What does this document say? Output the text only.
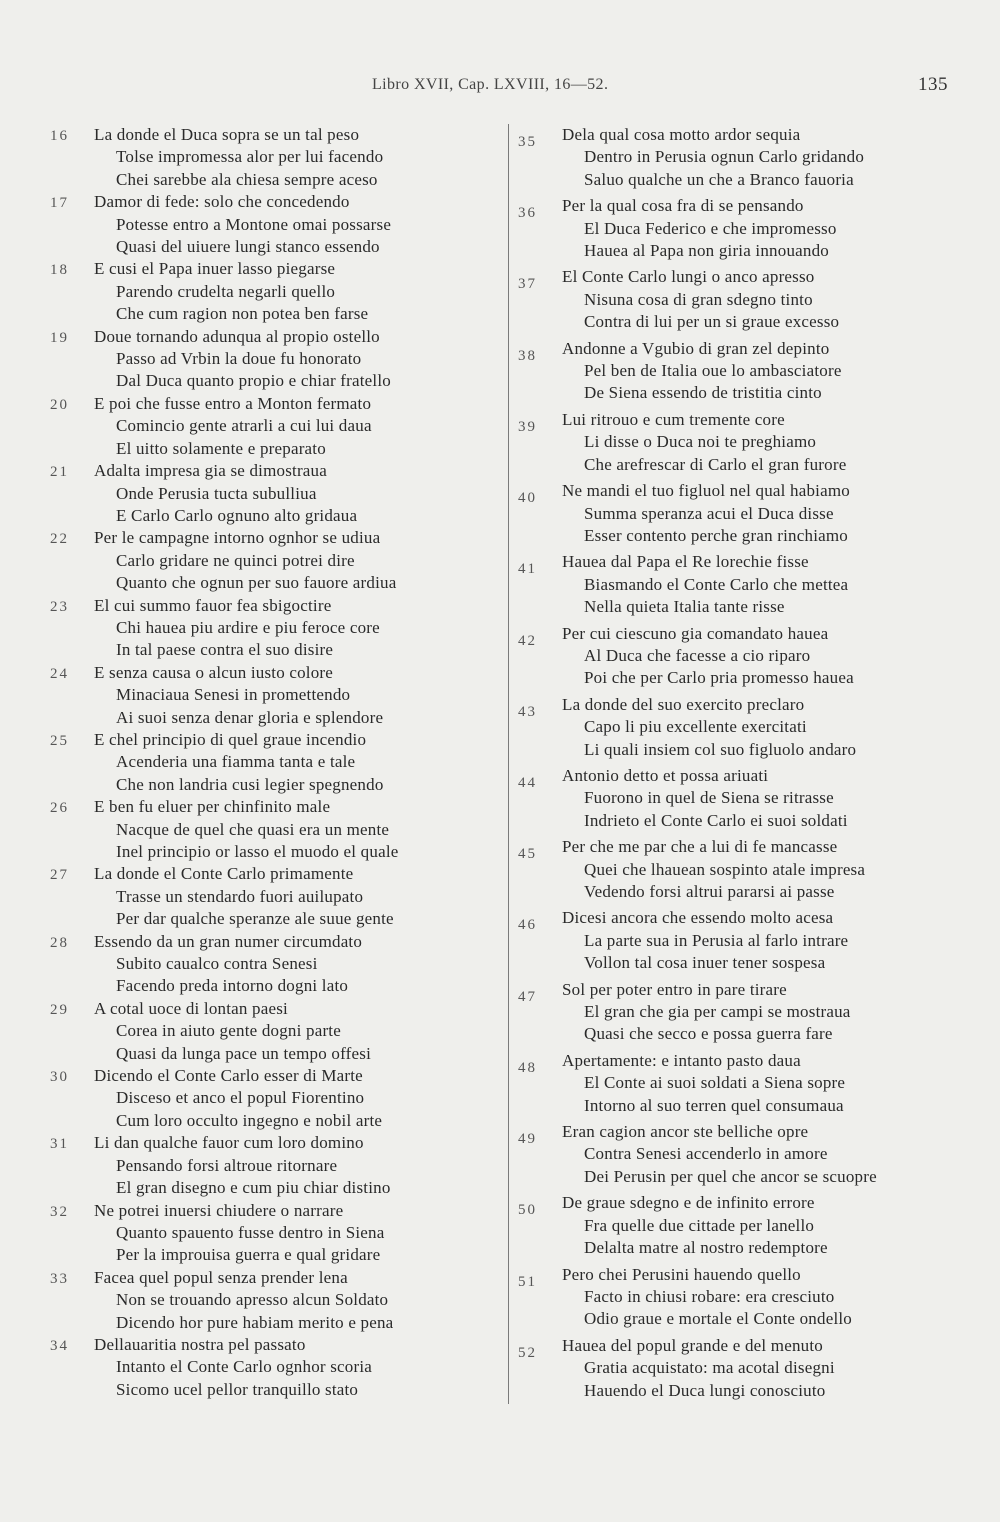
Libro XVII, Cap. LXVIII, 16—52.	135
16	La donde el Duca sopra se un tal peso
Tolse impromessa alor per lui facendo
Chei sarebbe ala chiesa sempre aceso
17	Damor di fede: solo che concedendo
Potesse entro a Montone omai possarse
Quasi del uiuere lungi stanco essendo
18	E cusi el Papa inuer lasso piegarse
Parendo crudelta negarli quello
Che cum ragion non potea ben farse
19	Doue tornando adunqua al propio ostello
Passo ad Vrbin la doue fu honorato
Dal Duca quanto propio e chiar fratello
20	E poi che fusse entro a Monton fermato
Comincio gente atrarli a cui lui daua
El uitto solamente e preparato
21	Adalta impresa gia se dimostraua
Onde Perusia tucta subulliua
E Carlo Carlo ognuno alto gridaua
22	Per le campagne intorno ognhor se udiua
Carlo gridare ne quinci potrei dire
Quanto che ognun per suo fauore ardiua
23	El cui summo fauor fea sbigoctire
Chi haueа piu ardire e piu feroce core
In tal paese contra el suo disire
24	E senza causa o alcun iusto colore
Minaciaua Senesi in promettendo
Ai suoi senza denar gloria e splendore
25	E chel principio di quel graue incendio
Acenderia una fiamma tanta e tale
Che non landria cusi legier spegnendo
26	E ben fu eluer per chinfinito male
Nacque de quel che quasi era un mente
Inel principio or lasso el muodo el quale
27	La donde el Conte Carlo primamente
Trasse un stendardo fuori auilupato
Per dar qualche speranze ale suue gente
28	Essendo da un gran numer circumdato
Subito caualco contra Senesi
Facendo preda intorno dogni lato
29	A cotal uoce di lontan paesi
Corea in aiuto gente dogni parte
Quasi da lunga pace un tempo offesi
30	Dicendo el Conte Carlo esser di Marte
Disceso et anco el popul Fiorentino
Cum loro occulto ingegno e nobil arte
31	Li dan qualche fauor cum loro domino
Pensando forsi altroue ritornare
El gran disegno e cum piu chiar distino
32	Ne potrei inuersi chiudere o narrare
Quanto spauento fusse dentro in Siena
Per la improuisa guerra e qual gridare
33	Facea quel popul senza prender lena
Non se trouando apresso alcun Soldato
Dicendo hor pure habiam merito e pena
34	Dellauaritia nostra pel passato
Intanto el Conte Carlo ognhor scoria
Sicomo ucel pellor tranquillo stato
35	Dela qual cosa motto ardor sequia
Dentro in Perusia ognun Carlo gridando
Saluo qualche un che a Branco fauoria
36	Per la qual cosa fra di se pensando
El Duca Federico e che impromesso
Hauea al Papa non giria innouando
37	El Conte Carlo lungi o anco apresso
Nisuna cosa di gran sdegno tinto
Contra di lui per un si graue excesso
38	Andonne a Vgubio di gran zel depinto
Pel ben de Italia oue lo ambasciatore
De Siena essendo de tristitia cinto
39	Lui ritrouo e cum tremente core
Li disse o Duca noi te preghiamo
Che arefrescar di Carlo el gran furore
40	Ne mandi el tuo figluol nel qual habiamo
Summa speranza acui el Duca disse
Esser contento perche gran rinchiamo
41	Hauea dal Papa el Re lorechie fisse
Biasmando el Conte Carlo che mettea
Nella quieta Italia tante risse
42	Per cui ciescuno gia comandato hauea
Al Duca che facesse a cio riparo
Poi che per Carlo pria promesso hauea
43	La donde del suo exercito preclaro
Capo li piu excellente exercitati
Li quali insiem col suo figluolo andaro
44	Antonio detto et possa ariuati
Fuorono in quel de Siena se ritrasse
Indrieto el Conte Carlo ei suoi soldati
45	Per che me par che a lui di fe mancasse
Quei che lhauean sospinto atale impresa
Vedendo forsi altrui pararsi ai passe
46	Dicesi ancora che essendo molto acesa
La parte sua in Perusia al farlo intrare
Vollon tal cosa inuer tener sospesa
47	Sol per poter entro in pare tirare
El gran che gia per campi se mostraua
Quasi che secco e possa guerra fare
48	Apertamente: e intanto pasto daua
El Conte ai suoi soldati a Siena sopre
Intorno al suo terren quel consumaua
49	Eran cagion ancor ste belliche opre
Contra Senesi accenderlo in amore
Dei Perusin per quel che ancor se scuopre
50	De graue sdegno e de infinito errore
Fra quelle due cittade per lanello
Delalta matre al nostro redemptore
51	Pero chei Perusini hauendo quello
Facto in chiusi robare: era cresciuto
Odio graue e mortale el Conte ondello
52	Hauea del popul grande e del menuto
Gratia acquistato: ma acotal disegni
Hauendo el Duca lungi conosciuto
